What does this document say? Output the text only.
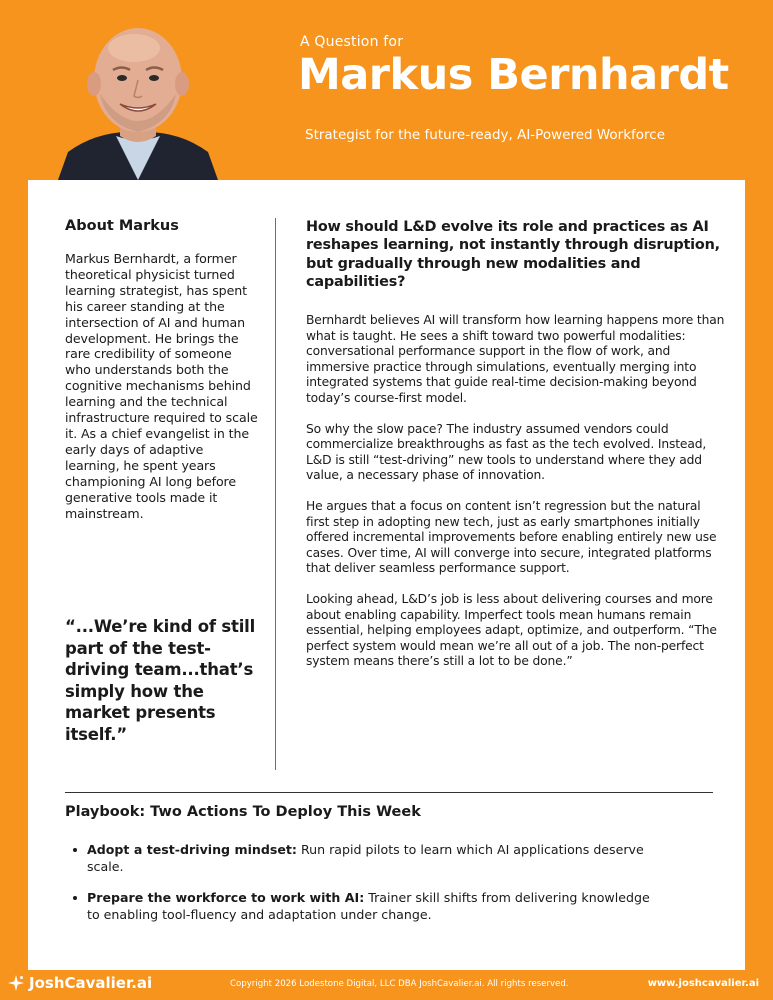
A Question for
Markus Bernhardt
Strategist for the future-ready, AI-Powered Workforce
About Markus

Markus Bernhardt, a former theoretical physicist turned learning strategist, has spent his career standing at the intersection of AI and human development. He brings the rare credibility of someone who understands both the cognitive mechanisms behind learning and the technical infrastructure required to scale it. As a chief evangelist in the early days of adaptive learning, he spent years championing AI long before generative tools made it mainstream.

“...We’re kind of still part of the test-driving team...that’s simply how the market presents itself.”
How should L&D evolve its role and practices as AI reshapes learning, not instantly through disruption, but gradually through new modalities and capabilities?

Bernhardt believes AI will transform how learning happens more than what is taught. He sees a shift toward two powerful modalities: conversational performance support in the flow of work, and immersive practice through simulations, eventually merging into integrated systems that guide real-time decision-making beyond today’s course-first model.

So why the slow pace? The industry assumed vendors could commercialize breakthroughs as fast as the tech evolved. Instead, L&D is still “test-driving” new tools to understand where they add value, a necessary phase of innovation.

He argues that a focus on content isn’t regression but the natural first step in adopting new tech, just as early smartphones initially offered incremental improvements before enabling entirely new use cases. Over time, AI will converge into secure, integrated platforms that deliver seamless performance support.

Looking ahead, L&D’s job is less about delivering courses and more about enabling capability. Imperfect tools mean humans remain essential, helping employees adapt, optimize, and outperform. “The perfect system would mean we’re all out of a job. The non-perfect system means there’s still a lot to be done.”

Playbook: Two Actions To Deploy This Week
Adopt a test-driving mindset: Run rapid pilots to learn which AI applications deserve scale.
Prepare the workforce to work with AI: Trainer skill shifts from delivering knowledge to enabling tool-fluency and adaptation under change.
JoshCavalier.ai	Copyright 2026 Lodestone Digital, LLC DBA JoshCavalier.ai. All rights reserved.	www.joshcavalier.ai
